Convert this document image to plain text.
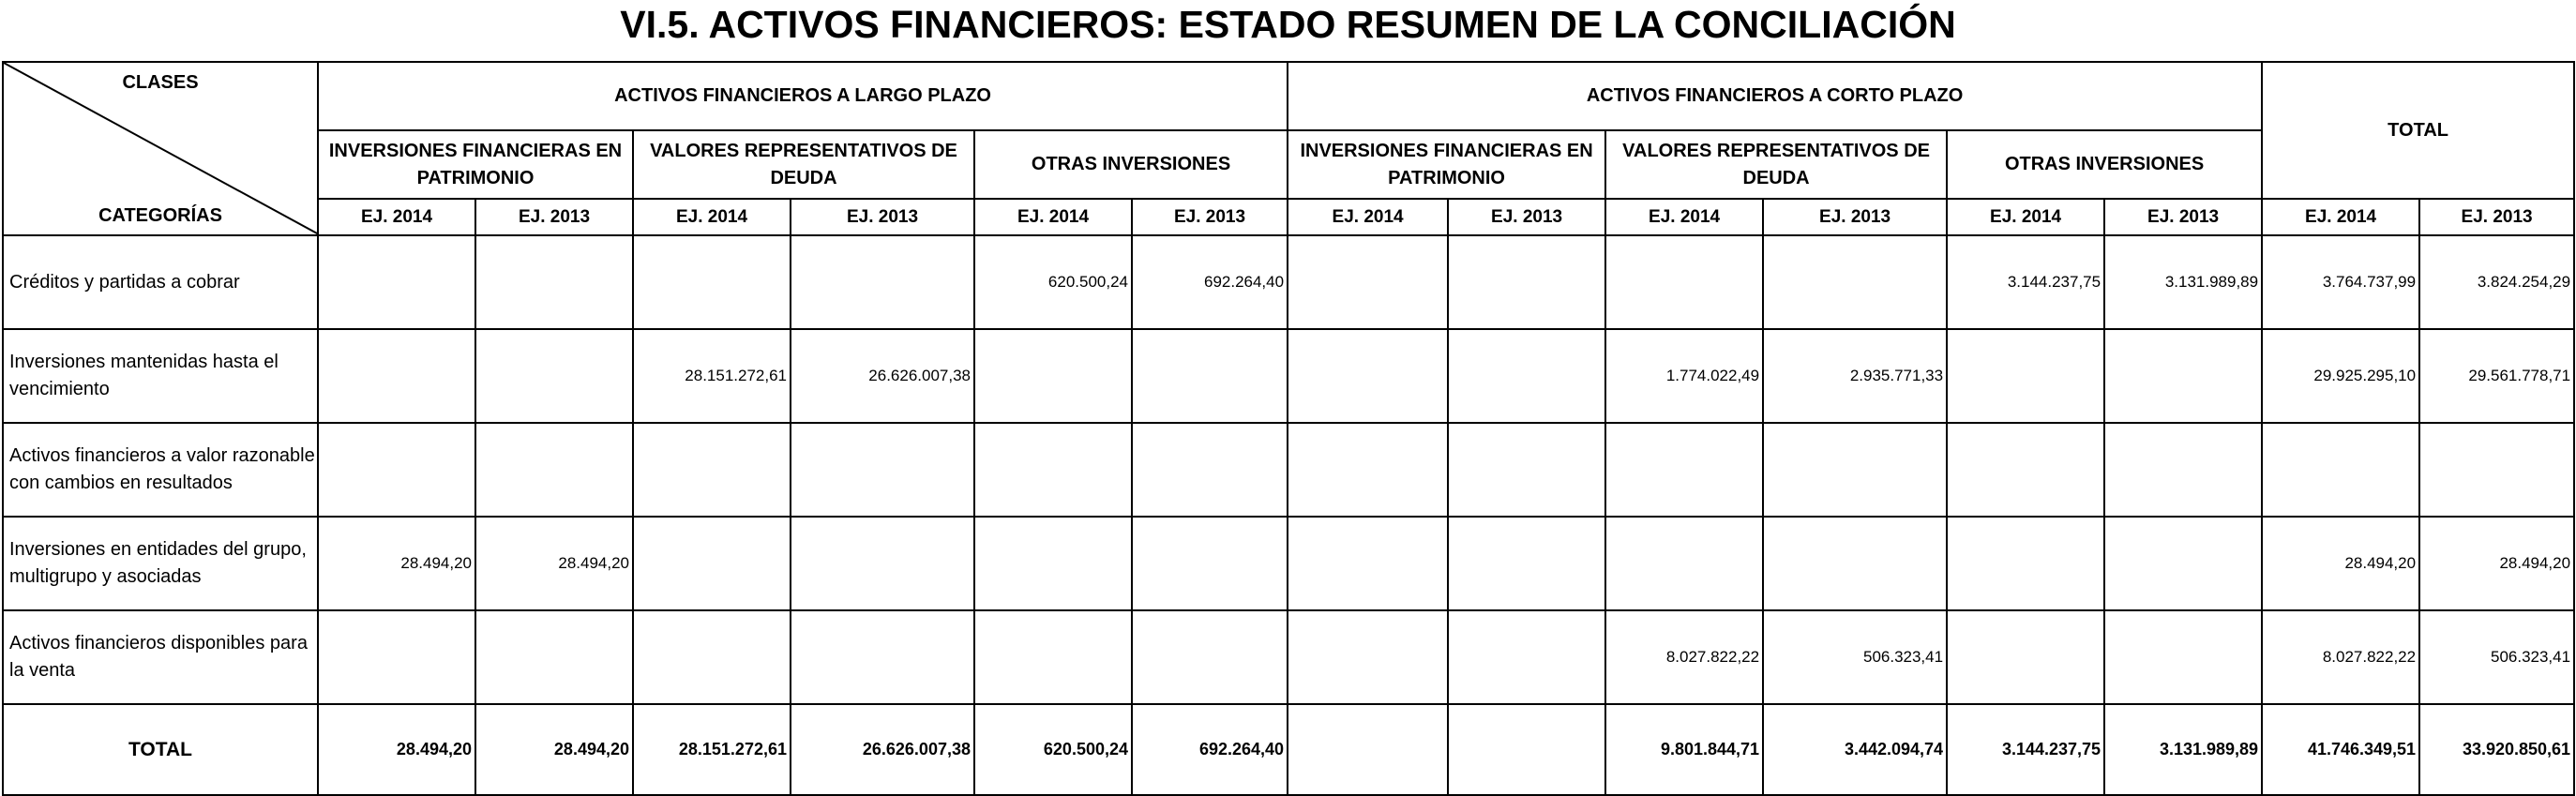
VI.5. ACTIVOS FINANCIEROS: ESTADO RESUMEN DE LA CONCILIACIÓN
CLASES
CATEGORÍAS	ACTIVOS FINANCIEROS A LARGO PLAZO						ACTIVOS FINANCIEROS A CORTO PLAZO						TOTAL	
	INVERSIONES FINANCIERAS EN PATRIMONIO		VALORES REPRESENTATIVOS DE DEUDA		OTRAS INVERSIONES		INVERSIONES FINANCIERAS EN PATRIMONIO		VALORES REPRESENTATIVOS DE DEUDA		OTRAS INVERSIONES			
	EJ. 2014	EJ. 2013	EJ. 2014	EJ. 2013	EJ. 2014	EJ. 2013	EJ. 2014	EJ. 2013	EJ. 2014	EJ. 2013	EJ. 2014	EJ. 2013	EJ. 2014	EJ. 2013
Créditos y partidas a cobrar					620.500,24	692.264,40					3.144.237,75	3.131.989,89	3.764.737,99	3.824.254,29
Inversiones mantenidas hasta el vencimiento			28.151.272,61	26.626.007,38					1.774.022,49	2.935.771,33			29.925.295,10	29.561.778,71
Activos financieros a valor razonable con cambios en resultados														
Inversiones en entidades del grupo, multigrupo y asociadas	28.494,20	28.494,20											28.494,20	28.494,20
Activos financieros disponibles para la venta									8.027.822,22	506.323,41			8.027.822,22	506.323,41
TOTAL	28.494,20	28.494,20	28.151.272,61	26.626.007,38	620.500,24	692.264,40			9.801.844,71	3.442.094,74	3.144.237,75	3.131.989,89	41.746.349,51	33.920.850,61
